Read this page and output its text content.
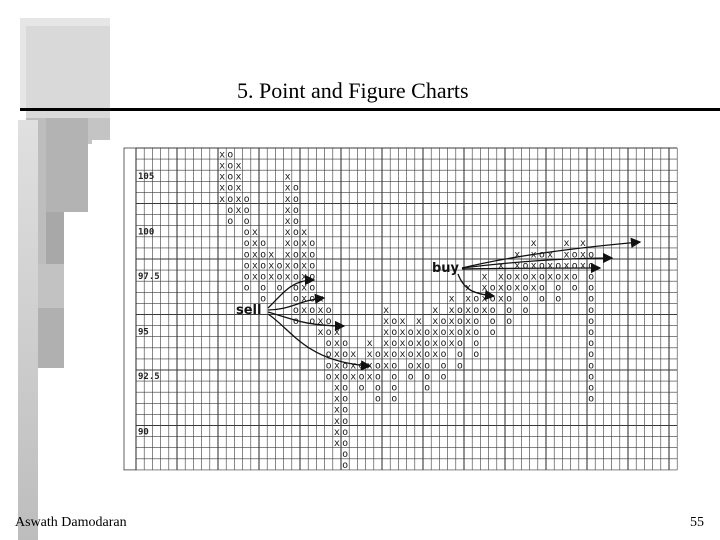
5. Point and Figure Charts
105
100
97.5
95
92.5
90
x
x
x
x
x
o
o
o
o
o
o
o
x
x
x
x
x
o
o
o
o
o
o
o
o
o
x
x
x
x
x
o
o
o
o
o
o
x
x
x
o
o
o
x
x
x
x
x
x
x
x
x
x
o
o
o
o
o
o
o
o
o
o
o
o
o
x
x
x
x
x
x
x
x
o
o
o
o
o
o
o
o
x
x
x
x
o
o
o
o
o
o
o
x
x
x
x
x
x
x
x
x
x
x
o
o
o
o
o
o
o
o
o
o
o
o
x
x
x
o
o
o
x
x
x
x
o
o
o
o
o
x
x
x
x
x
x
o
o
o
o
o
o
o
o
x
x
x
x
o
o
o
o
o
x
x
x
x
x
o
o
o
o
o
o
x
x
x
x
x
o
o
o
o
o
o
x
x
x
x
x
o
o
o
o
o
o
x
x
x
x
x
o
o
o
o
o
o
x
x
x
x
o
o
o
o
o
x
x
x
x
o
o
o
o
o
x
x
x
x
o
o
o
o
o
x
x
x
x
x
o
o
o
o
o
x
x
x
o
o
o
o
x
x
x
x
o
o
o
o
x
x
x
o
o
o
o
o
o
o
o
o
o
o
o
o
o
sell
buy
Aswath Damodaran	55
